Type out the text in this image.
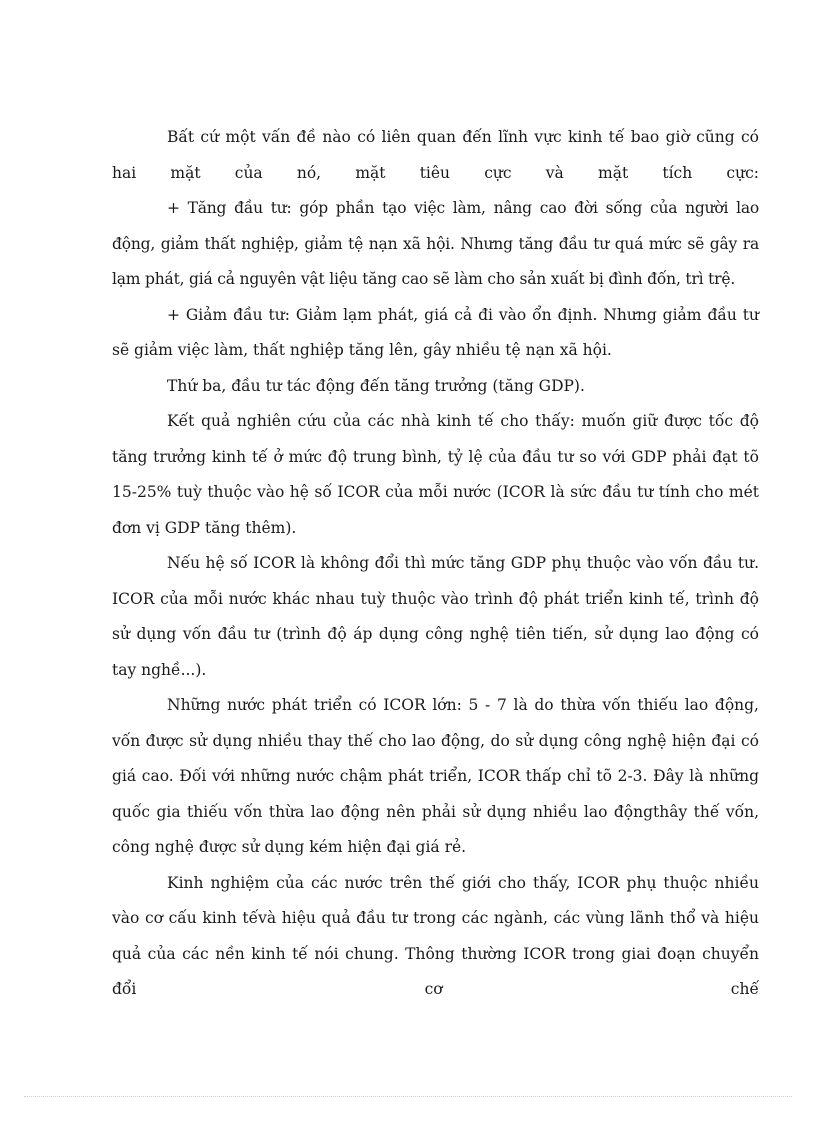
Bất cứ một vấn đề nào có liên quan đến lĩnh vực kinh tế bao giờ cũng có hai mặt của nó, mặt tiêu cực và mặt tích cực:

+ Tăng đầu tư: góp phần tạo việc làm, nâng cao đời sống của người lao động, giảm thất nghiệp, giảm tệ nạn xã hội. Nhưng tăng đầu tư quá mức sẽ gây ra lạm phát, giá cả nguyên vật liệu tăng cao sẽ làm cho sản xuất bị đình đốn, trì trệ.

+ Giảm đầu tư: Giảm lạm phát, giá cả đi vào ổn định. Nhưng giảm đầu tư sẽ giảm việc làm, thất nghiệp tăng lên, gây nhiều tệ nạn xã hội.

Thứ ba, đầu tư tác động đến tăng trưởng (tăng GDP).

Kết quả nghiên cứu của các nhà kinh tế cho thấy: muốn giữ được tốc độ tăng trưởng kinh tế ở mức độ trung bình, tỷ lệ của đầu tư so với GDP phải đạt tõ 15-25% tuỳ thuộc vào hệ số ICOR của mỗi nước (ICOR là sức đầu tư tính cho mét đơn vị GDP tăng thêm).

Nếu hệ số ICOR là không đổi thì mức tăng GDP phụ thuộc vào vốn đầu tư. ICOR của mỗi nước khác nhau tuỳ thuộc vào trình độ phát triển kinh tế, trình độ sử dụng vốn đầu tư (trình độ áp dụng công nghệ tiên tiến, sử dụng lao động có tay nghề...).

Những nước phát triển có ICOR lớn: 5 - 7 là do thừa vốn thiếu lao động, vốn được sử dụng nhiều thay thế cho lao động, do sử dụng công nghệ hiện đại có giá cao. Đối với những nước chậm phát triển, ICOR thấp chỉ tõ 2-3. Đây là những quốc gia thiếu vốn thừa lao động nên phải sử dụng nhiều lao độngthây thế vốn, công nghệ được sử dụng kém hiện đại giá rẻ.

Kinh nghiệm của các nước trên thế giới cho thấy, ICOR phụ thuộc nhiều vào cơ cấu kinh tếvà hiệu quả đầu tư trong các ngành, các vùng lãnh thổ và hiệu quả của các nền kinh tế nói chung. Thông thường ICOR trong giai đoạn chuyển đổi cơ chế
